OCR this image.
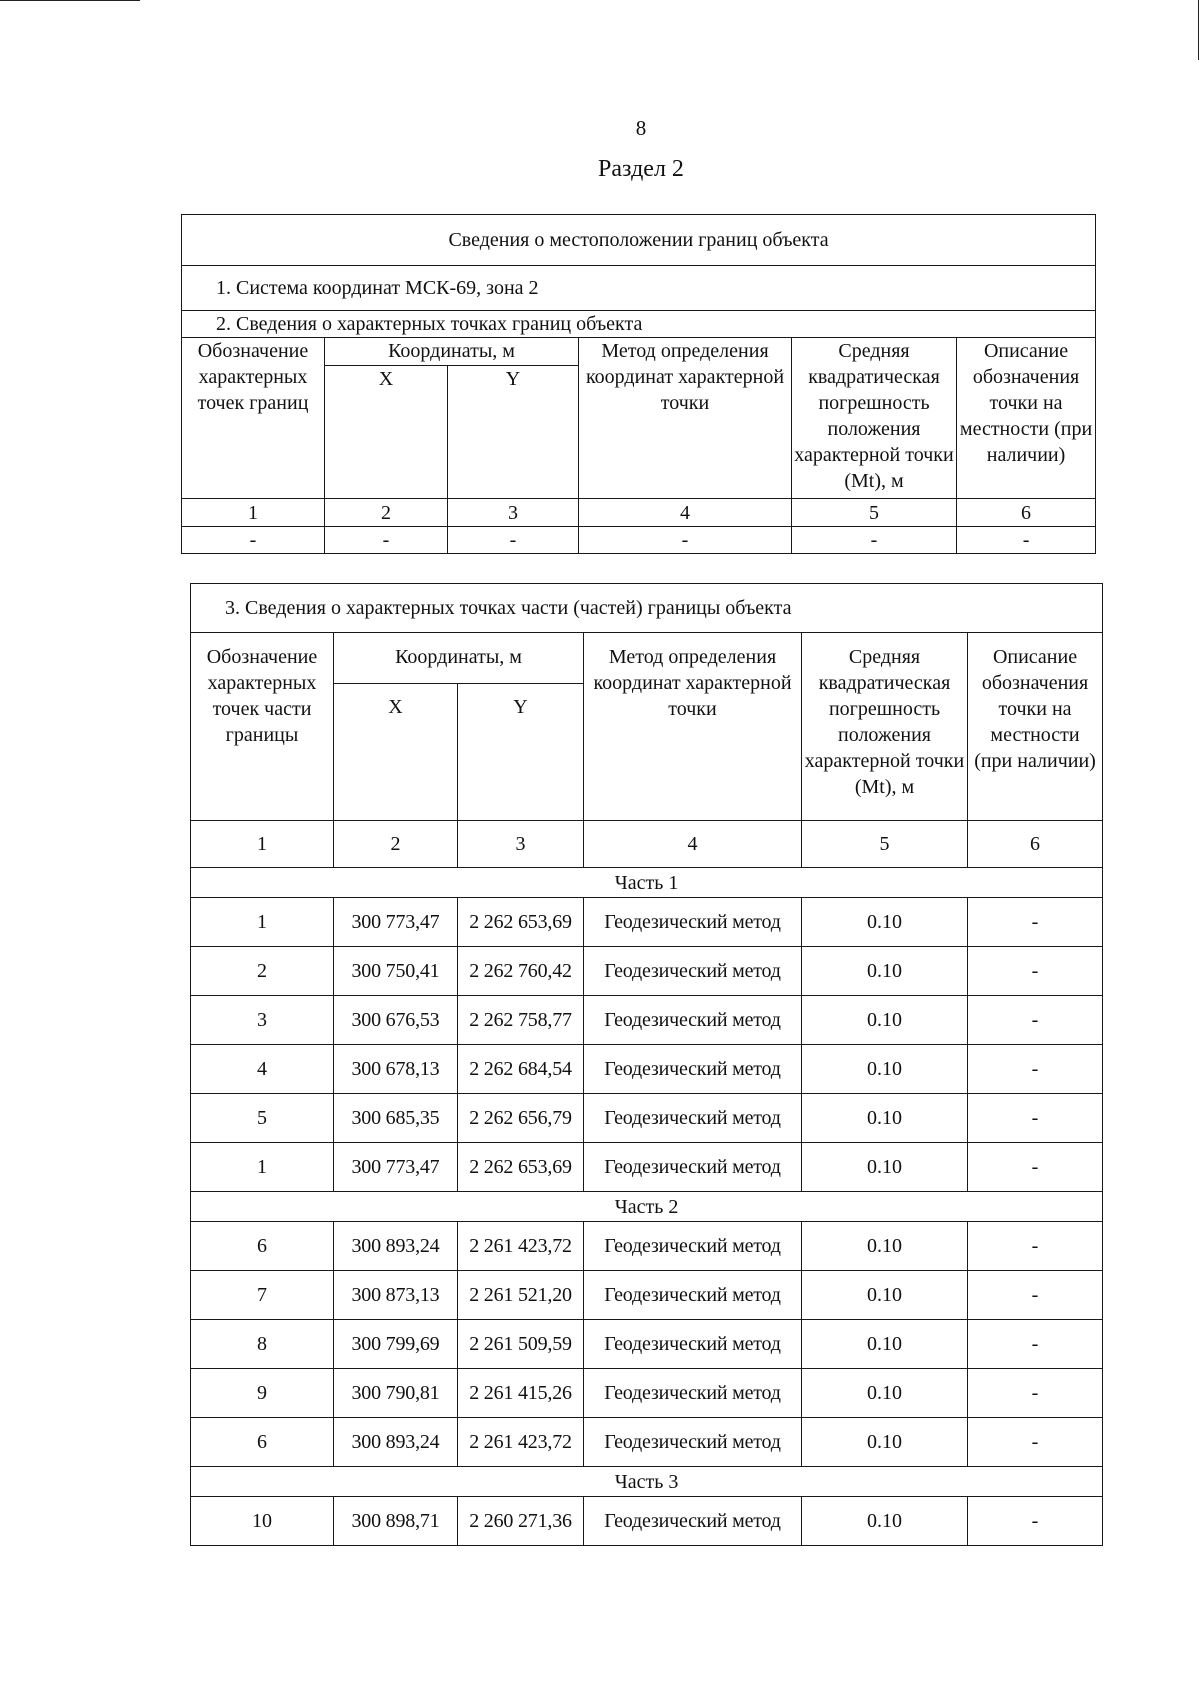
8
Раздел 2
Сведения о местоположении границ объекта					
1. Система координат МСК-69, зона 2					
2. Сведения о характерных точках границ объекта					

Обозначение характерных точек границ	Координаты, м		Метод определения координат характерной точки	Средняя квадратическая погрешность положения характерной точки (Mt), м	Описание обозначения точки на местности (при наличии)

	X	Y			
1	2	3	4	5	6
-	-	-	-	-	-
3. Сведения о характерных точках части (частей) границы объекта					

Обозначение характерных точек части границы	Координаты, м		Метод определения координат характерной точки	Средняя квадратическая погрешность положения характерной точки (Mt), м	Описание обозначения точки на местности (при наличии)

	X	Y			
1	2	3	4	5	6
Часть 1					
1	300 773,47	2 262 653,69	Геодезический метод	0.10	-
2	300 750,41	2 262 760,42	Геодезический метод	0.10	-
3	300 676,53	2 262 758,77	Геодезический метод	0.10	-
4	300 678,13	2 262 684,54	Геодезический метод	0.10	-
5	300 685,35	2 262 656,79	Геодезический метод	0.10	-
1	300 773,47	2 262 653,69	Геодезический метод	0.10	-
Часть 2					
6	300 893,24	2 261 423,72	Геодезический метод	0.10	-
7	300 873,13	2 261 521,20	Геодезический метод	0.10	-
8	300 799,69	2 261 509,59	Геодезический метод	0.10	-
9	300 790,81	2 261 415,26	Геодезический метод	0.10	-
6	300 893,24	2 261 423,72	Геодезический метод	0.10	-
Часть 3					
10	300 898,71	2 260 271,36	Геодезический метод	0.10	-
